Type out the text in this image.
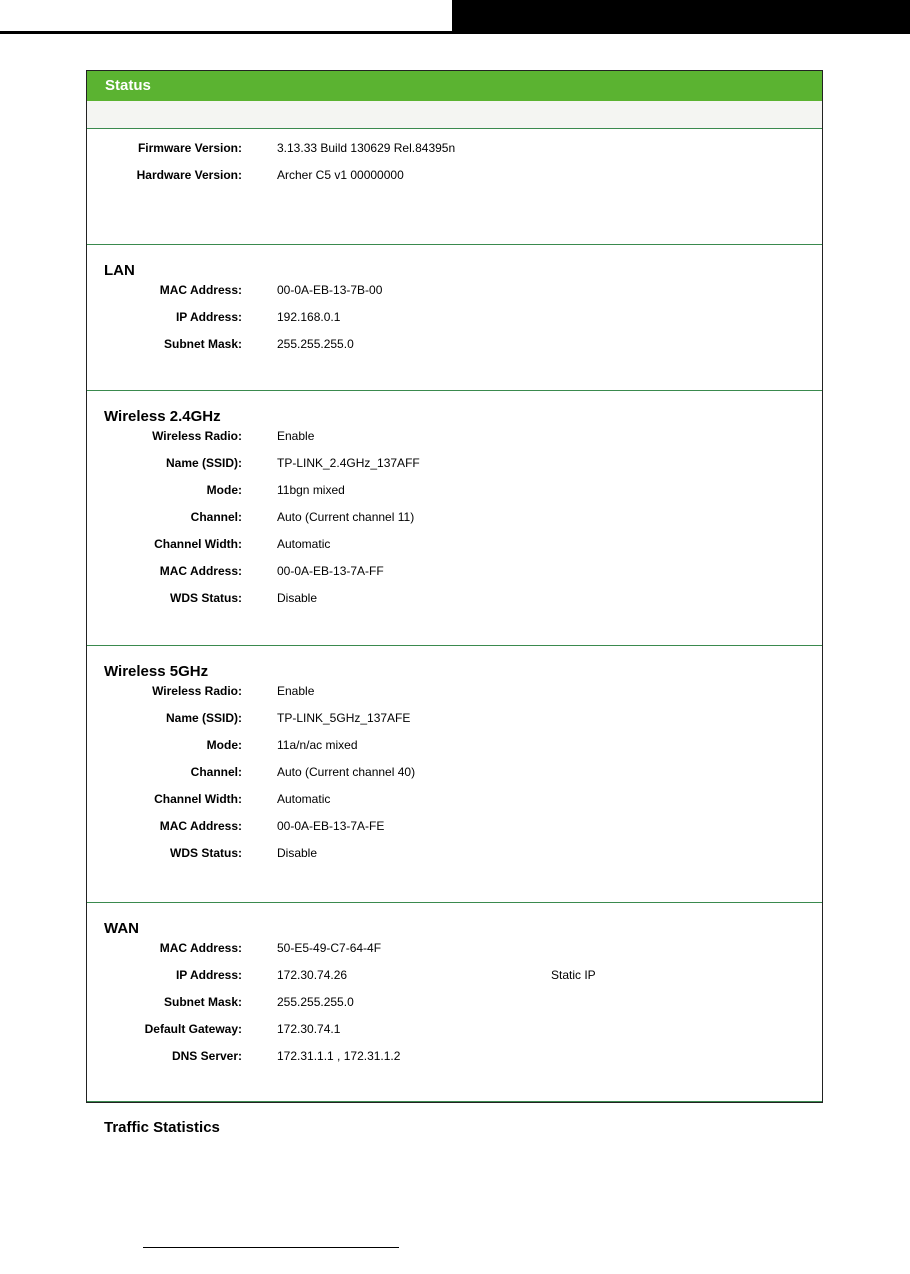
Status
Firmware Version:	3.13.33 Build 130629 Rel.84395n
Hardware Version:	Archer C5 v1 00000000
LAN
MAC Address:	00-0A-EB-13-7B-00
IP Address:	192.168.0.1
Subnet Mask:	255.255.255.0
Wireless 2.4GHz
Wireless Radio:	Enable
Name (SSID):	TP-LINK_2.4GHz_137AFF
Mode:	11bgn mixed
Channel:	Auto (Current channel 11)
Channel Width:	Automatic
MAC Address:	00-0A-EB-13-7A-FF
WDS Status:	Disable
Wireless 5GHz
Wireless Radio:	Enable
Name (SSID):	TP-LINK_5GHz_137AFE
Mode:	11a/n/ac mixed
Channel:	Auto (Current channel 40)
Channel Width:	Automatic
MAC Address:	00-0A-EB-13-7A-FE
WDS Status:	Disable
WAN
MAC Address:	50-E5-49-C7-64-4F
IP Address:	172.30.74.26	Static IP
Subnet Mask:	255.255.255.0
Default Gateway:	172.30.74.1
DNS Server:	172.31.1.1 , 172.31.1.2
Traffic Statistics
